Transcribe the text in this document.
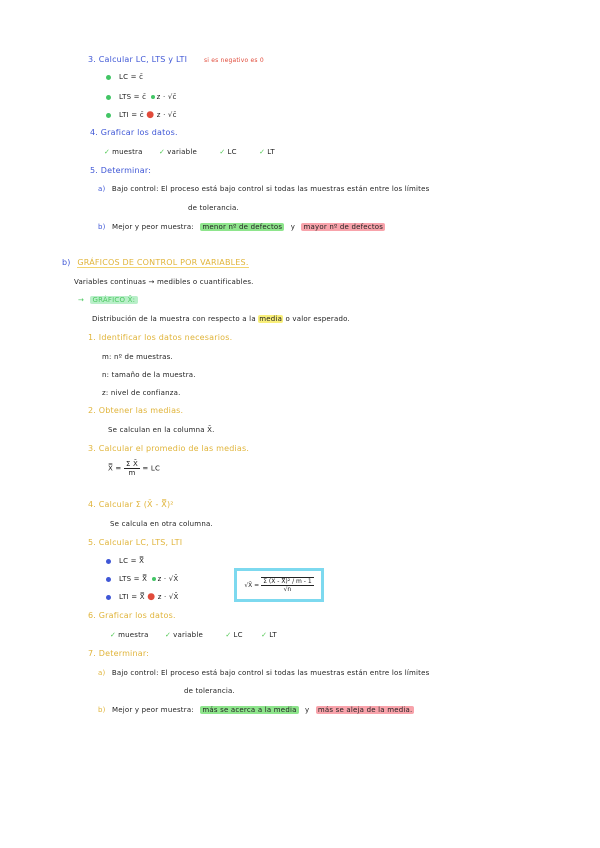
3. Calcular LC, LTS y LTI	si es negativo es 0
LC = c̄
LTS = c̄ z · √c̄
LTI = c̄ ● z · √c̄
4. Graficar los datos.
✓ muestra ✓ variable	✓ LC	✓ LT
5. Determinar:
a) Bajo control: El proceso está bajo control si todas las muestras están entre los límites
de tolerancia.
b) Mejor y peor muestra: menor nº de defectos y mayor nº de defectos
b) GRÁFICOS DE CONTROL POR VARIABLES.
Variables continuas → medibles o cuantificables.
→ GRÁFICO X̄:
Distribución de la muestra con respecto a la media o valor esperado.
1. Identificar los datos necesarios.
m: nº de muestras.
n: tamaño de la muestra.
z: nivel de confianza.
2. Obtener las medias.
Se calculan en la columna X̄.
3. Calcular el promedio de las medias.
X̿ = $\frac{\text{Σ X̄}}{m}$ = LC
4. Calcular Σ (X̄ - X̿)²
Se calcula en otra columna.
5. Calcular LC, LTS, LTI
LC = X̿
LTS = X̿ z · √X̄
LTI = X̿ ● z · √X̄
√X̄ = $\frac{\text{Σ (X̄ - X̿)² / m - 1}}{√n}$
6. Graficar los datos.
✓ muestra ✓ variable	✓ LC	✓ LT
7. Determinar:
a) Bajo control: El proceso está bajo control si todas las muestras están entre los límites
de tolerancia.
b) Mejor y peor muestra: más se acerca a la media y más se aleja de la media.
